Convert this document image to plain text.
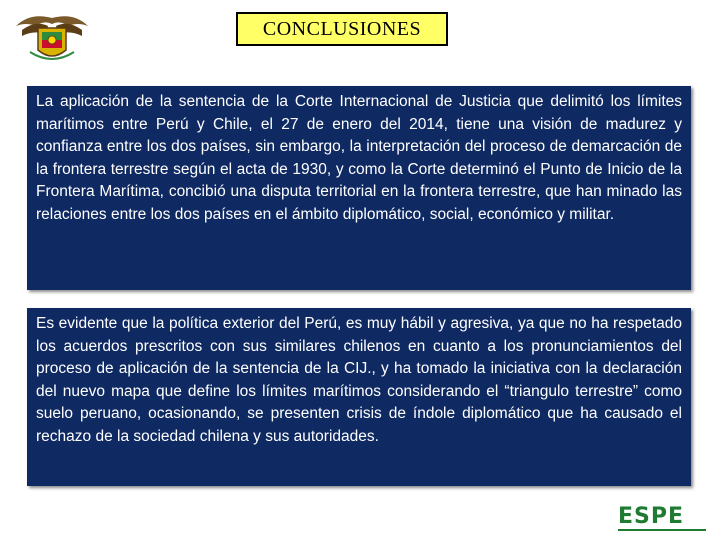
CONCLUSIONES
La aplicación de la sentencia de la Corte Internacional de Justicia que delimitó los límites marítimos entre Perú y Chile, el 27 de enero del 2014, tiene una visión de madurez y confianza entre los dos países, sin embargo, la interpretación del proceso de demarcación de la frontera terrestre según el acta de 1930, y como la Corte determinó el Punto de Inicio de la Frontera Marítima, concibió una disputa territorial en la frontera terrestre, que han minado las relaciones entre los dos países en el ámbito diplomático, social, económico y militar.
Es evidente que la política exterior del Perú, es muy hábil y agresiva, ya que no ha respetado los acuerdos prescritos con sus similares chilenos en cuanto a los pronunciamientos del proceso de aplicación de la sentencia de la CIJ., y ha tomado la iniciativa con la declaración del nuevo mapa que define los límites marítimos considerando el “triangulo terrestre” como suelo peruano, ocasionando, se presenten crisis de índole diplomático que ha causado el rechazo de la sociedad chilena y sus autoridades.
ESPE
